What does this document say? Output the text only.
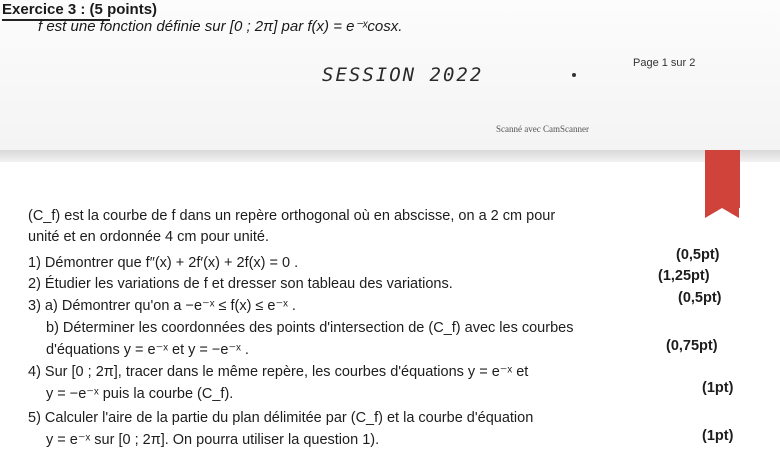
Exercice 3 : (5 points)
f est une fonction définie sur [0 ; 2π] par f(x) = e⁻ˣcosx.
SESSION 2022
Page 1 sur 2
Scanné avec CamScanner
(C_f) est la courbe de f dans un repère orthogonal où en abscisse, on a 2 cm pour
unité et en ordonnée 4 cm pour unité.
1) Démontrer que f″(x) + 2f′(x) + 2f(x) = 0 .	(0,5pt)
2) Étudier les variations de f et dresser son tableau des variations.	(1,25pt)
3) a) Démontrer qu'on a −e⁻ˣ ≤ f(x) ≤ e⁻ˣ .	(0,5pt)
b) Déterminer les coordonnées des points d'intersection de (C_f) avec les courbes
d'équations y = e⁻ˣ et y = −e⁻ˣ .	(0,75pt)
4) Sur [0 ; 2π], tracer dans le même repère, les courbes d'équations y = e⁻ˣ et
y = −e⁻ˣ puis la courbe (C_f).	(1pt)
5) Calculer l'aire de la partie du plan délimitée par (C_f) et la courbe d'équation
y = e⁻ˣ sur [0 ; 2π]. On pourra utiliser la question 1).	(1pt)
